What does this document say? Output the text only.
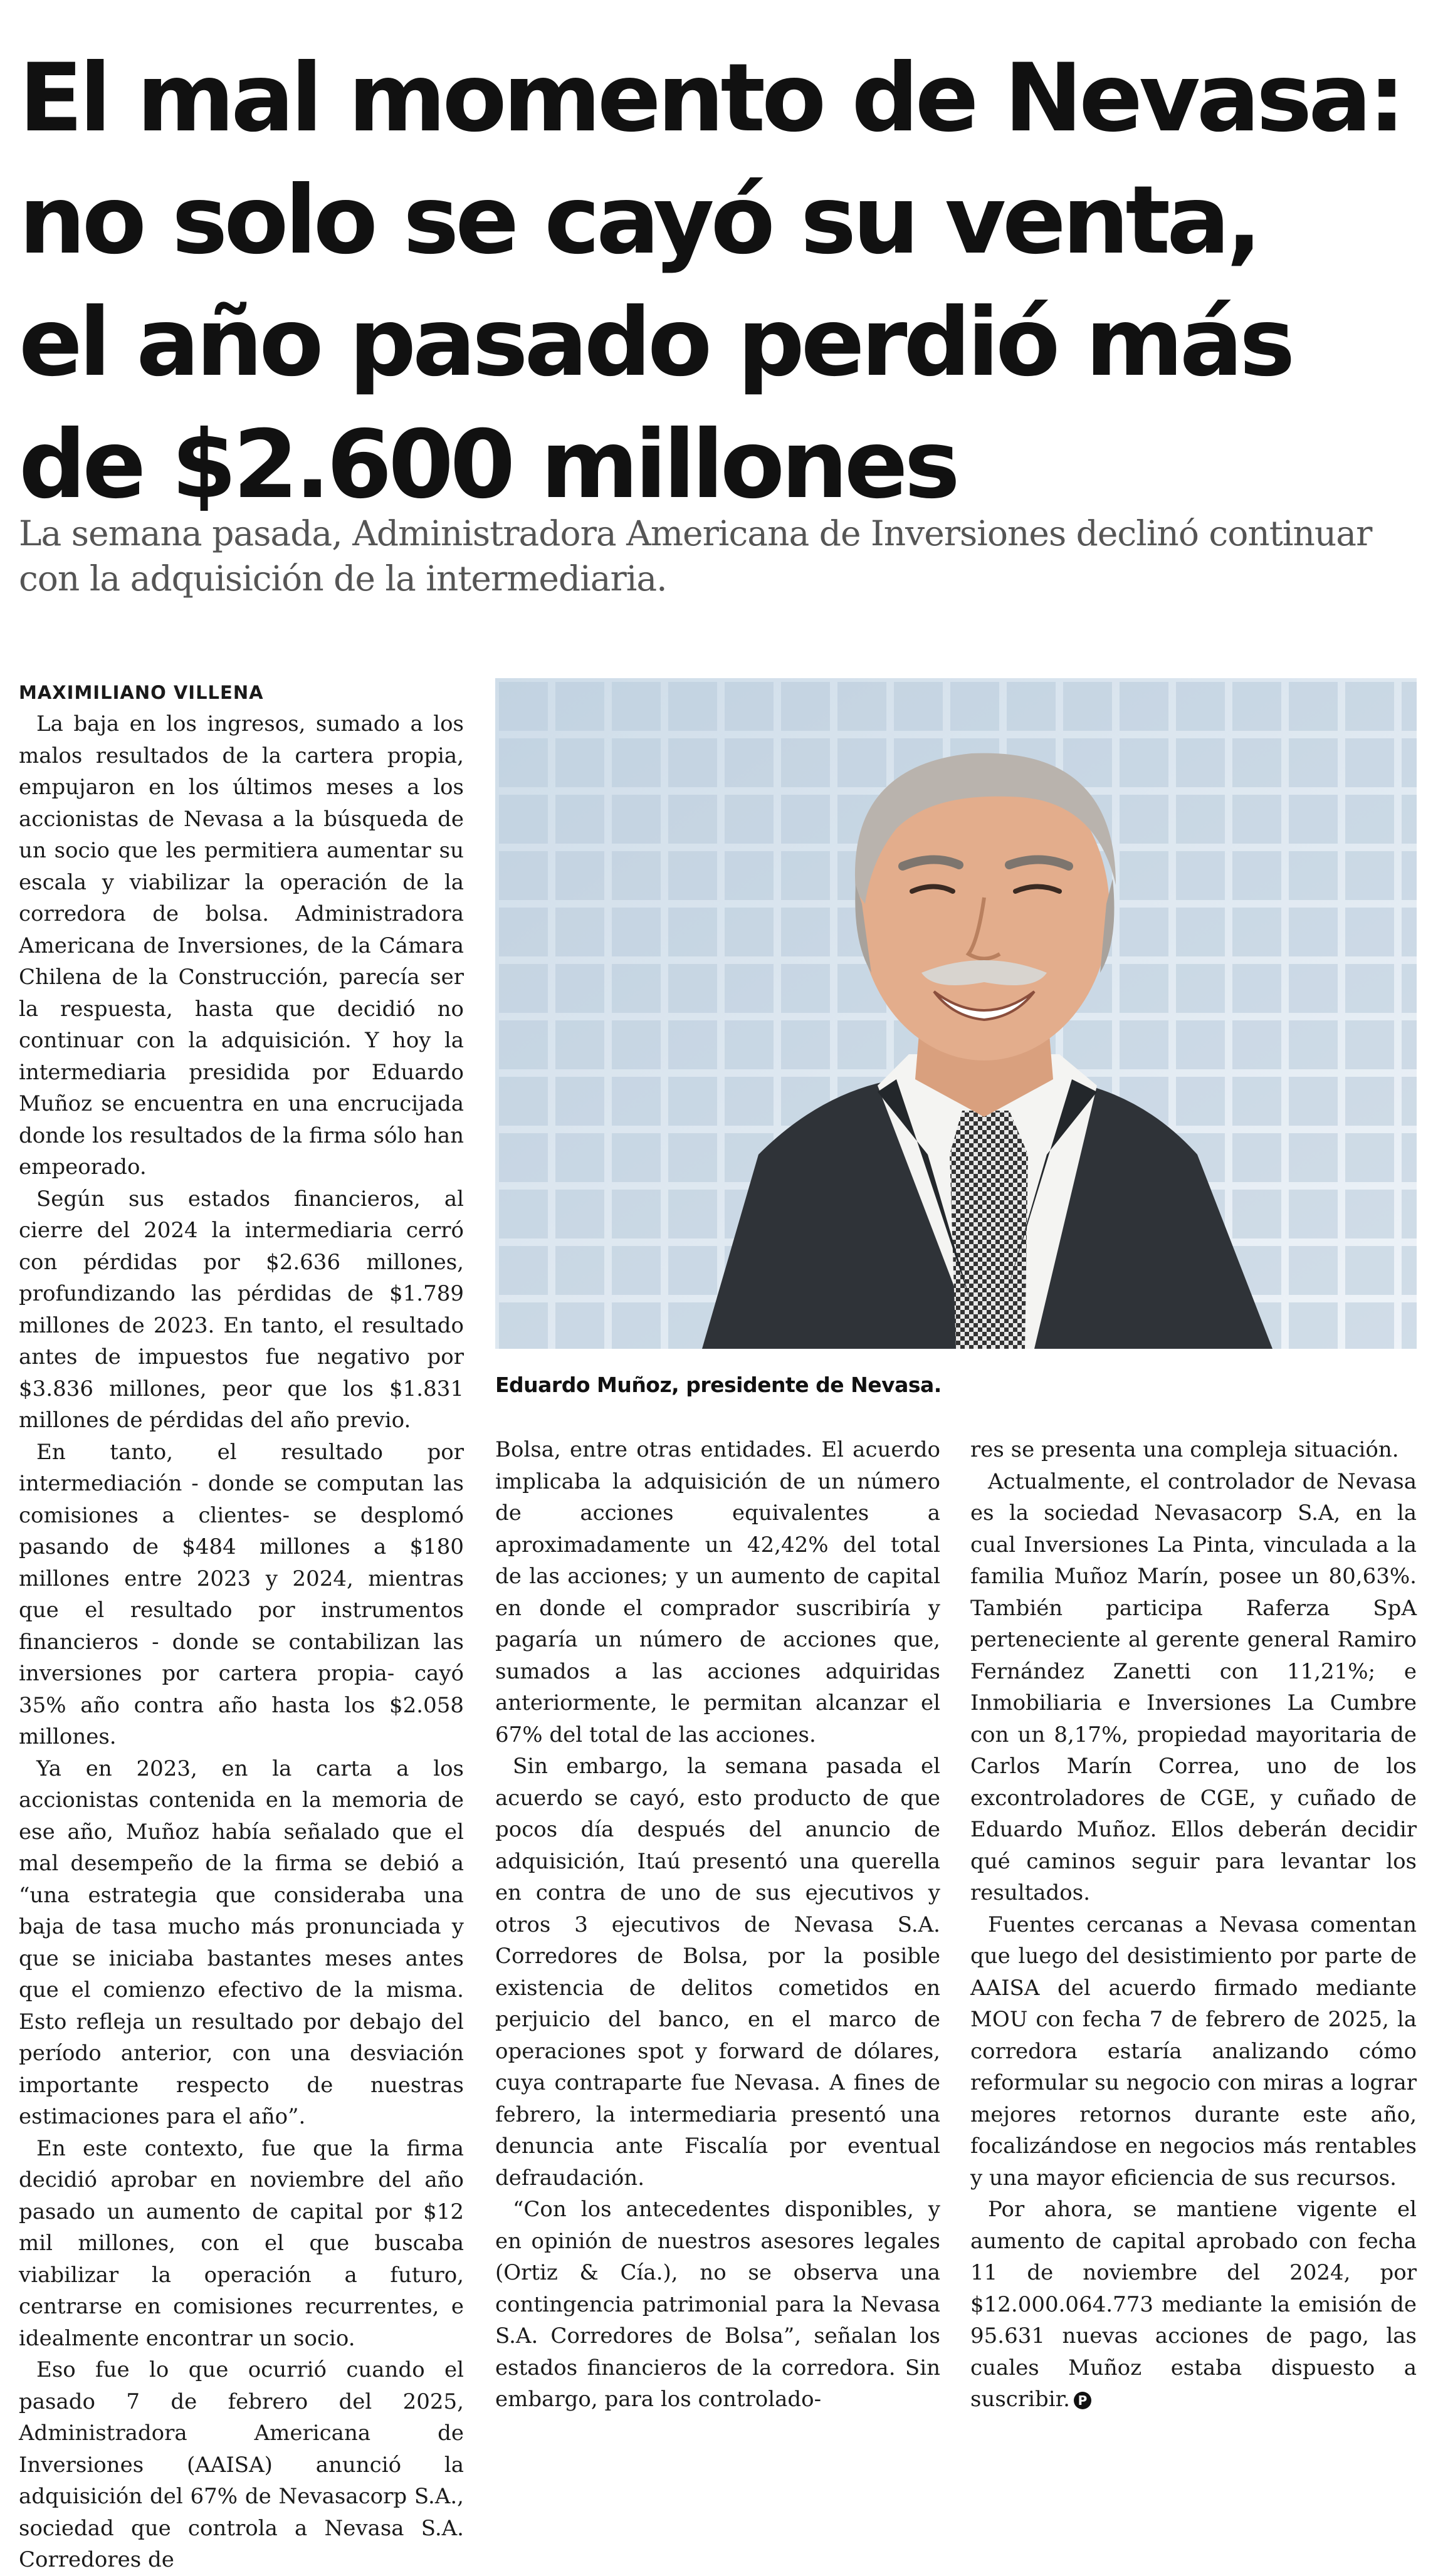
El mal momento de Nevasa:
no solo se cayó su venta,
el año pasado perdió más
de $2.600 millones

La semana pasada, Administradora Americana de Inversiones declinó continuar con la adquisición de la intermediaria.

MAXIMILIANO VILLENA

La baja en los ingresos, sumado a los malos resultados de la cartera propia, empujaron en los últimos meses a los accionistas de Nevasa a la búsqueda de un socio que les permitiera aumentar su escala y viabilizar la operación de la corredora de bolsa. Administradora Americana de Inversiones, de la Cámara Chilena de la Construcción, parecía ser la respuesta, hasta que decidió no continuar con la adquisición. Y hoy la intermediaria presidida por Eduardo Muñoz se encuentra en una encrucijada donde los resultados de la firma sólo han empeorado.

Según sus estados financieros, al cierre del 2024 la intermediaria cerró con pérdidas por $2.636 millones, profundizando las pérdidas de $1.789 millones de 2023. En tanto, el resultado antes de impuestos fue negativo por $3.836 millones, peor que los $1.831 millones de pérdidas del año previo.

En tanto, el resultado por intermediación - donde se computan las comisiones a clientes- se desplomó pasando de $484 millones a $180 millones entre 2023 y 2024, mientras que el resultado por instrumentos financieros - donde se contabilizan las inversiones por cartera propia- cayó 35% año contra año hasta los $2.058 millones.

Ya en 2023, en la carta a los accionistas contenida en la memoria de ese año, Muñoz había señalado que el mal desempeño de la firma se debió a “una estrategia que consideraba una baja de tasa mucho más pronunciada y que se iniciaba bastantes meses antes que el comienzo efectivo de la misma. Esto refleja un resultado por debajo del período anterior, con una desviación importante respecto de nuestras estimaciones para el año”.

En este contexto, fue que la firma decidió aprobar en noviembre del año pasado un aumento de capital por $12 mil millones, con el que buscaba viabilizar la operación a futuro, centrarse en comisiones recurrentes, e idealmente encontrar un socio.

Eso fue lo que ocurrió cuando el pasado 7 de febrero del 2025, Administradora Americana de Inversiones (AAISA) anunció la adquisición del 67% de Nevasacorp S.A., sociedad que controla a Nevasa S.A. Corredores de

Eduardo Muñoz, presidente de Nevasa.

Bolsa, entre otras entidades. El acuerdo implicaba la adquisición de un número de acciones equivalentes a aproximadamente un 42,42% del total de las acciones; y un aumento de capital en donde el comprador suscribiría y pagaría un número de acciones que, sumados a las acciones adquiridas anteriormente, le permitan alcanzar el 67% del total de las acciones.

Sin embargo, la semana pasada el acuerdo se cayó, esto producto de que pocos día después del anuncio de adquisición, Itaú presentó una querella en contra de uno de sus ejecutivos y otros 3 ejecutivos de Nevasa S.A. Corredores de Bolsa, por la posible existencia de delitos cometidos en perjuicio del banco, en el marco de operaciones spot y forward de dólares, cuya contraparte fue Nevasa. A fines de febrero, la intermediaria presentó una denuncia ante Fiscalía por eventual defraudación.

“Con los antecedentes disponibles, y en opinión de nuestros asesores legales (Ortiz & Cía.), no se observa una contingencia patrimonial para la Nevasa S.A. Corredores de Bolsa”, señalan los estados financieros de la corredora. Sin embargo, para los controlado-

res se presenta una compleja situación.

Actualmente, el controlador de Nevasa es la sociedad Nevasacorp S.A, en la cual Inversiones La Pinta, vinculada a la familia Muñoz Marín, posee un 80,63%. También participa Raferza SpA perteneciente al gerente general Ramiro Fernández Zanetti con 11,21%; e Inmobiliaria e Inversiones La Cumbre con un 8,17%, propiedad mayoritaria de Carlos Marín Correa, uno de los excontroladores de CGE, y cuñado de Eduardo Muñoz. Ellos deberán decidir qué caminos seguir para levantar los resultados.

Fuentes cercanas a Nevasa comentan que luego del desistimiento por parte de AAISA del acuerdo firmado mediante MOU con fecha 7 de febrero de 2025, la corredora estaría analizando cómo reformular su negocio con miras a lograr mejores retornos durante este año, focalizándose en negocios más rentables y una mayor eficiencia de sus recursos.

Por ahora, se mantiene vigente el aumento de capital aprobado con fecha 11 de noviembre del 2024, por $12.000.064.773 mediante la emisión de 95.631 nuevas acciones de pago, las cuales Muñoz estaba dispuesto a suscribir. P
